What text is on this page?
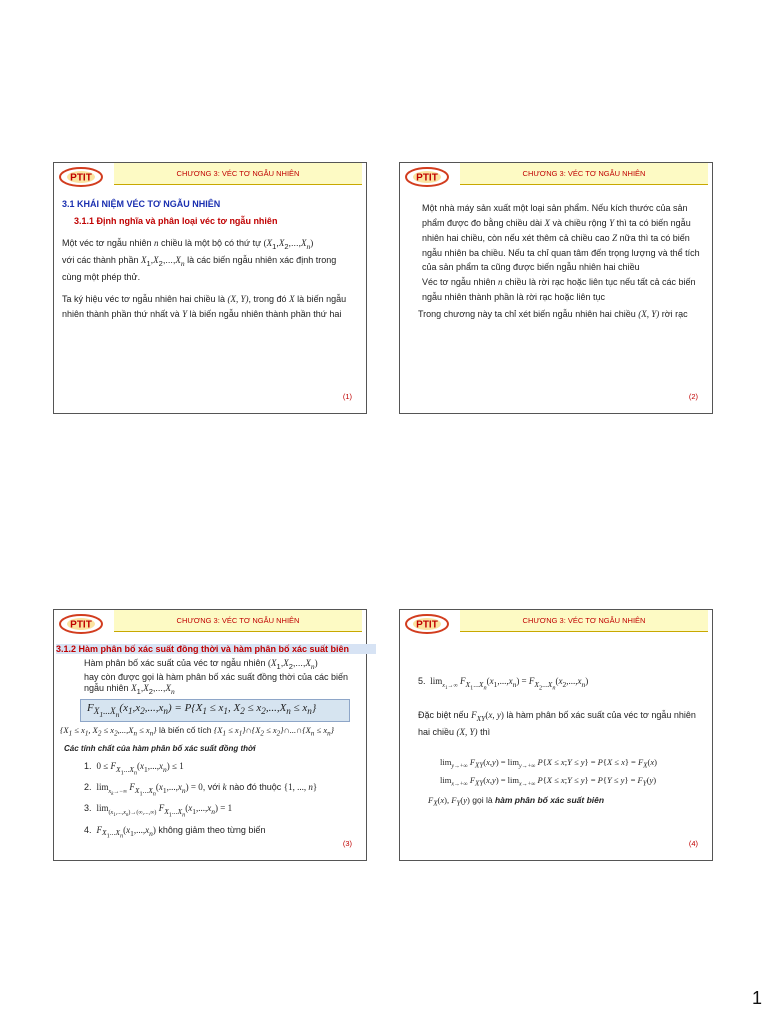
PTIT	CHƯƠNG 3: VÉC TƠ NGẪU NHIÊN
3.1 KHÁI NIỆM VÉC TƠ NGẪU NHIÊN
3.1.1 Định nghĩa và phân loại véc tơ ngẫu nhiên

Một véc tơ ngẫu nhiên n chiều là một bộ có thứ tự $(X_1,X_2,...,X_n)$
với các thành phần $X_1,X_2,...,X_n$ là các biến ngẫu nhiên xác định trong cùng một phép thử.

Ta ký hiệu véc tơ ngẫu nhiên hai chiều là (X, Y), trong đó X là biến ngẫu nhiên thành phần thứ nhất và Y là biến ngẫu nhiên thành phần thứ hai

(1)
PTIT	CHƯƠNG 3: VÉC TƠ NGẪU NHIÊN

Một nhà máy sản xuất một loại sản phẩm. Nếu kích thước của sản phẩm được đo bằng chiều dài X và chiều rộng Y thì ta có biến ngẫu nhiên hai chiều, còn nếu xét thêm cả chiều cao Z nữa thì ta có biến ngẫu nhiên ba chiều. Nếu ta chỉ quan tâm đến trọng lượng và thể tích của sản phẩm ta cũng được biến ngẫu nhiên hai chiều

Véc tơ ngẫu nhiên n chiều là rời rạc hoặc liên tục nếu tất cả các biến ngẫu nhiên thành phần là rời rạc hoặc liên tục

Trong chương này ta chỉ xét biến ngẫu nhiên hai chiều (X, Y) rời rạc

(2)
PTIT	CHƯƠNG 3: VÉC TƠ NGẪU NHIÊN
3.1.2 Hàm phân bố xác suất đồng thời và hàm phân bố xác suất biên
Hàm phân bố xác suất của véc tơ ngẫu nhiên $(X_1,X_2,...,X_n)$
hay còn được gọi là hàm phân bố xác suất đồng thời của các biến ngẫu nhiên $X_1,X_2,...,X_n$
$F_{X_1...X_n}(x_1,x_2,...,x_n) = P\{X_1 \le x_1$, $X_2 \le x_2,...,X_n \le x_n$}
{$X_1 \le x_1$, $X_2 \le x_2,...,X_n \le x_n$} là biến cố tích {$X_1$ ≤ $x_1\}\cap\{X_2$ ≤ $x_2\}\cap...\cap\{X_n \le x_n\}$
Các tính chất của hàm phân bố xác suất đồng thời
1.  $0 \le F_{X_1...X_n}(x_1,...,x_n) \le 1$
2.  $\lim_{x_k\to-\infty} F_{X_1...X_n}(x_1,...,x_n) = 0$, với k nào đó thuộc {1, ..., n}
3.  $\lim_{(x_1,...,x_n)\to(\infty,...,\infty)} F_{X_1...X_n}(x_1,...,x_n) = 1$
4.  $F_{X_1...X_n}(x_1,...,x_n)$ không giảm theo từng biến
(3)
PTIT	CHƯƠNG 3: VÉC TƠ NGẪU NHIÊN
5.  $\lim_{x_1\to\infty} F_{X_1...X_n}(x_1,...,x_n) = F_{X_2...X_n}(x_2,...,x_n)$

Đặc biệt nếu $F_{XY}(x$, y) là hàm phân bố xác suất của véc tơ ngẫu nhiên hai chiều (X, Y) thì

$\lim_{y\to+\infty} F_{XY}(x,y) = \lim_{y\to+\infty} P\{X$ ≤ x;Y ≤ $y\} = P\{X \le x\} = F_X(x)$
$\lim_{x\to+\infty} F_{XY}(x,y) = \lim_{x\to+\infty} P\{X$ ≤ x;Y ≤ $y\} = P\{Y \le y\} = F_Y(y)$
$F_X(x)$, $F_Y(y)$ gọi là hàm phân bố xác suất biên
(4)
1
